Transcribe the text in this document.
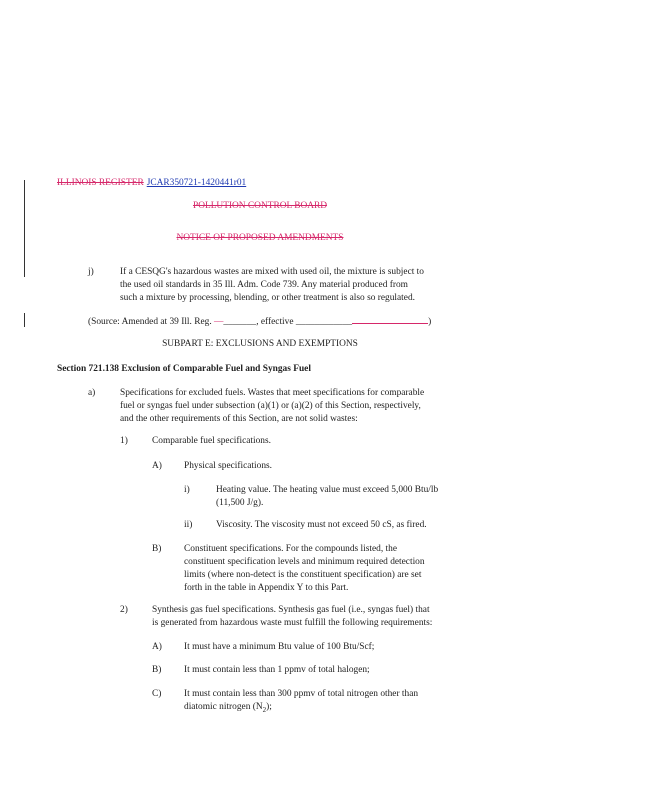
ILLINOIS REGISTER JCAR350721-1420441r01
POLLUTION CONTROL BOARD
NOTICE OF PROPOSED AMENDMENTS
j)	If a CESQG's hazardous wastes are mixed with used oil, the mixture is subject to
the used oil standards in 35 Ill. Adm. Code 739. Any material produced from
such a mixture by processing, blending, or other treatment is also so regulated.
(Source: Amended at 39 Ill. Reg. —_______, effective ____________	)
SUBPART E: EXCLUSIONS AND EXEMPTIONS
Section 721.138 Exclusion of Comparable Fuel and Syngas Fuel
a)	Specifications for excluded fuels. Wastes that meet specifications for comparable
fuel or syngas fuel under subsection (a)(1) or (a)(2) of this Section, respectively,
and the other requirements of this Section, are not solid wastes:
1)	Comparable fuel specifications.
A) Physical specifications.
i)	Heating value. The heating value must exceed 5,000 Btu/lb
(11,500 J/g).
ii)	Viscosity. The viscosity must not exceed 50 cS, as fired.
B) Constituent specifications. For the compounds listed, the
constituent specification levels and minimum required detection
limits (where non-detect is the constituent specification) are set
forth in the table in Appendix Y to this Part.
2)	Synthesis gas fuel specifications. Synthesis gas fuel (i.e., syngas fuel) that
is generated from hazardous waste must fulfill the following requirements:
A) It must have a minimum Btu value of 100 Btu/Scf;
B) It must contain less than 1 ppmv of total halogen;
C) It must contain less than 300 ppmv of total nitrogen other than
diatomic nitrogen $(N_2)$;
